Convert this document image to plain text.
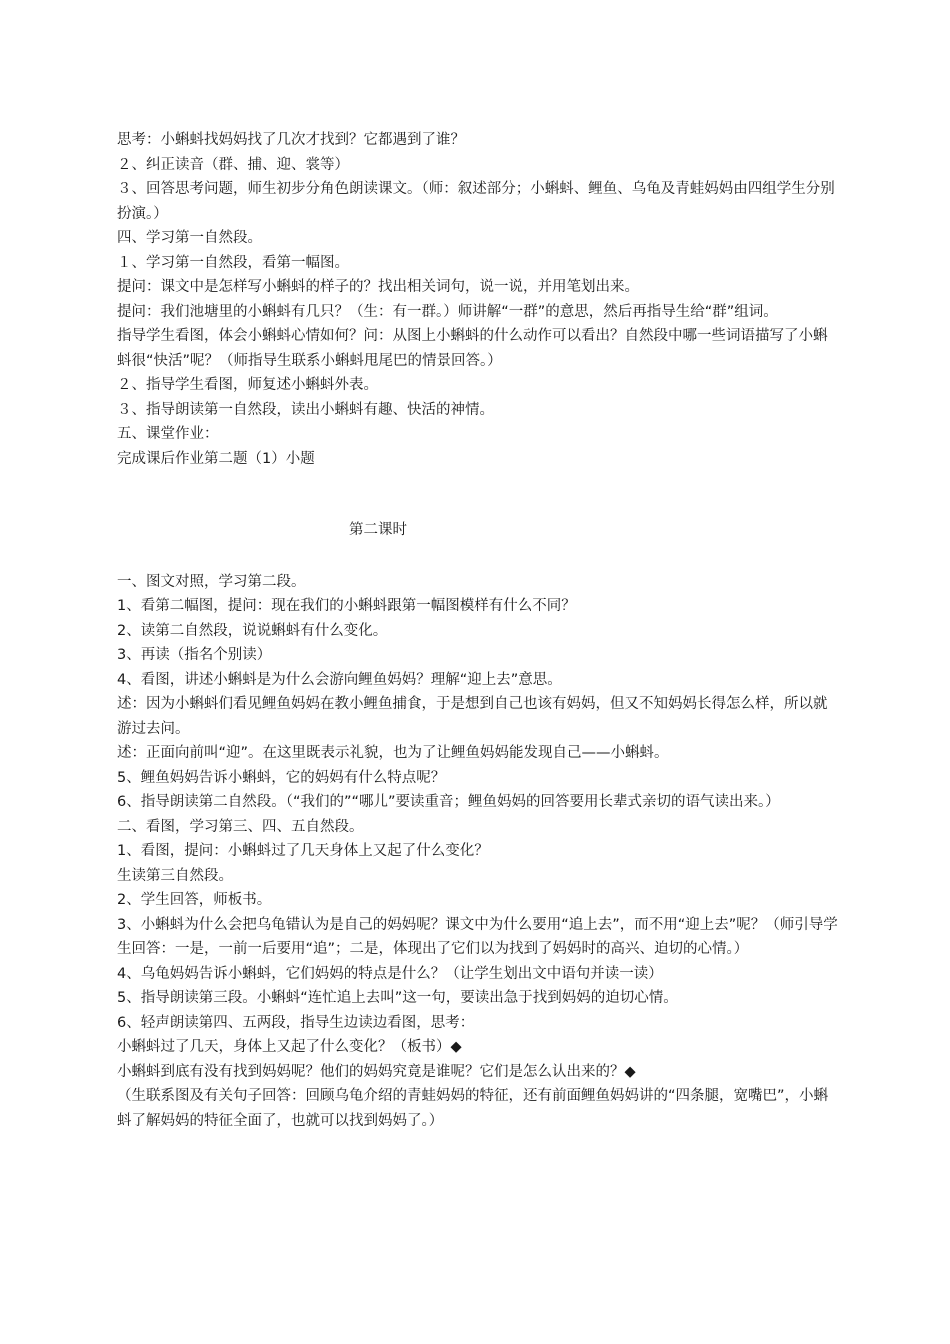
思考：小蝌蚪找妈妈找了几次才找到？它都遇到了谁？

２、纠正读音（群、捕、迎、裳等）

３、回答思考问题，师生初步分角色朗读课文。（师：叙述部分；小蝌蚪、鲤鱼、乌龟及青蛙妈妈由四组学生分别扮演。）

四、学习第一自然段。

１、学习第一自然段，看第一幅图。

提问：课文中是怎样写小蝌蚪的样子的？找出相关词句，说一说，并用笔划出来。

提问：我们池塘里的小蝌蚪有几只？（生：有一群。）师讲解“一群”的意思，然后再指导生给“群”组词。

指导学生看图，体会小蝌蚪心情如何？问：从图上小蝌蚪的什么动作可以看出？自然段中哪一些词语描写了小蝌蚪很“快活”呢？（师指导生联系小蝌蚪甩尾巴的情景回答。）

２、指导学生看图，师复述小蝌蚪外表。

３、指导朗读第一自然段，读出小蝌蚪有趣、快活的神情。

五、课堂作业：

完成课后作业第二题（1）小题

第二课时

一、图文对照，学习第二段。

1、看第二幅图，提问：现在我们的小蝌蚪跟第一幅图模样有什么不同？

2、读第二自然段，说说蝌蚪有什么变化。

3、再读（指名个别读）

4、看图，讲述小蝌蚪是为什么会游向鲤鱼妈妈？理解“迎上去”意思。

述：因为小蝌蚪们看见鲤鱼妈妈在教小鲤鱼捕食，于是想到自己也该有妈妈，但又不知妈妈长得怎么样，所以就游过去问。

述：正面向前叫“迎”。在这里既表示礼貌，也为了让鲤鱼妈妈能发现自己——小蝌蚪。

5、鲤鱼妈妈告诉小蝌蚪，它的妈妈有什么特点呢？

6、指导朗读第二自然段。（“我们的”“哪儿”要读重音；鲤鱼妈妈的回答要用长辈式亲切的语气读出来。）

二、看图，学习第三、四、五自然段。

1、看图，提问：小蝌蚪过了几天身体上又起了什么变化？

生读第三自然段。

2、学生回答，师板书。

3、小蝌蚪为什么会把乌龟错认为是自己的妈妈呢？课文中为什么要用“追上去”，而不用“迎上去”呢？（师引导学生回答：一是，一前一后要用“追”；二是，体现出了它们以为找到了妈妈时的高兴、迫切的心情。）

4、乌龟妈妈告诉小蝌蚪，它们妈妈的特点是什么？（让学生划出文中语句并读一读）

5、指导朗读第三段。小蝌蚪“连忙追上去叫”这一句，要读出急于找到妈妈的迫切心情。

6、轻声朗读第四、五两段，指导生边读边看图，思考：

小蝌蚪过了几天，身体上又起了什么变化？（板书）◆

小蝌蚪到底有没有找到妈妈呢？他们的妈妈究竟是谁呢？它们是怎么认出来的？◆

（生联系图及有关句子回答：回顾乌龟介绍的青蛙妈妈的特征，还有前面鲤鱼妈妈讲的“四条腿，宽嘴巴”，小蝌蚪了解妈妈的特征全面了，也就可以找到妈妈了。）
